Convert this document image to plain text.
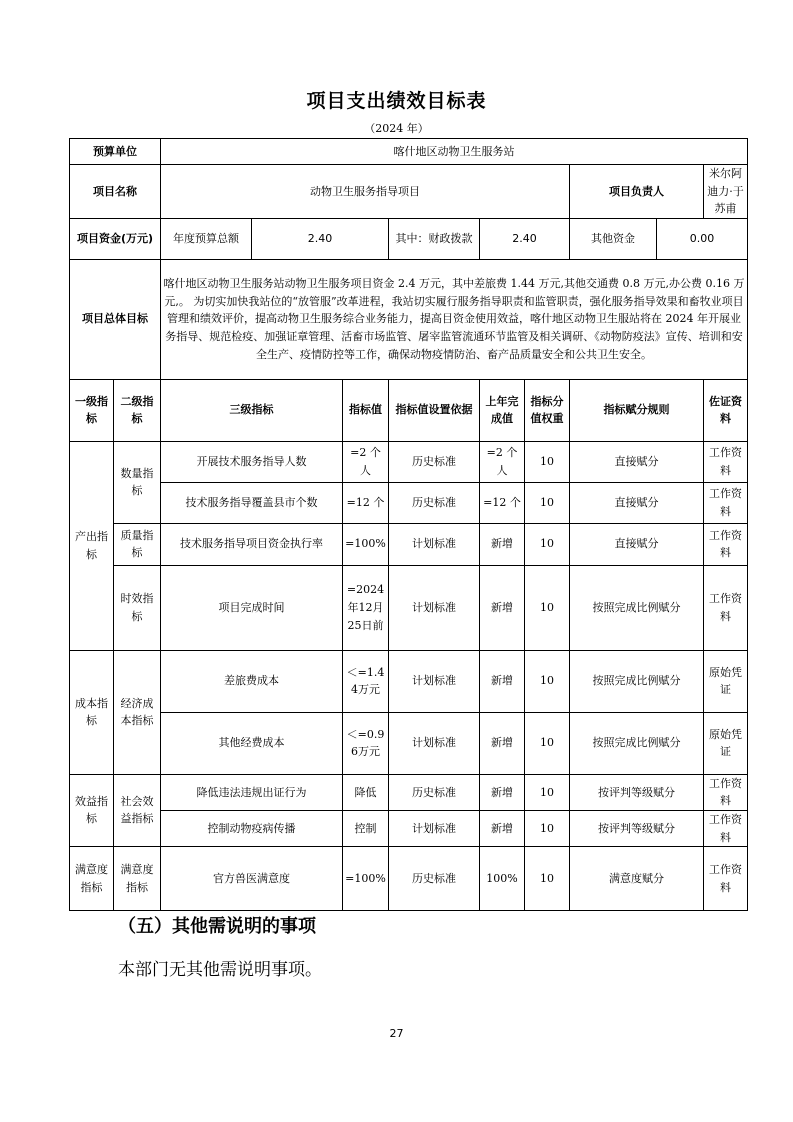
项目支出绩效目标表
（2024 年）
预算单位		喀什地区动物卫生服务站								
项目名称		动物卫生服务指导项目						项目负责人		米尔阿迪力·于苏甫
项目资金(万元)		年度预算总额	2.40		其中：财政拨款	2.40		其他资金	0.00	
项目总体目标		喀什地区动物卫生服务站动物卫生服务项目资金 2.4 万元，其中差旅费 1.44 万元,其他交通费 0.8 万元,办公费 0.16 万元,。 为切实加快我站位的“放管服”改革进程，我站切实履行服务指导职责和监管职责，强化服务指导效果和畜牧业项目管理和绩效评价，提高动物卫生服务综合业务能力，提高目资金使用效益，喀什地区动物卫生服站将在 2024 年开展业务指导、规范检疫、加强证章管理、活畜市场监管、屠宰监管流通环节监管及相关调研、《动物防疫法》宣传、培训和安全生产、疫情防控等工作，确保动物疫情防治、畜产品质量安全和公共卫生安全。								
一级指标	二级指标	三级指标		指标值	指标值设置依据	上年完成值	指标分值权重	指标赋分规则		佐证资料
产出指标	数量指标	开展技术服务指导人数		=2 个人	历史标准	=2 个人	10	直接赋分		工作资料
		技术服务指导覆盖县市个数		=12 个	历史标准	=12 个	10	直接赋分		工作资料
	质量指标	技术服务指导项目资金执行率		=100%	计划标准	新增	10	直接赋分		工作资料
	时效指标	项目完成时间		=2024年12月25日前	计划标准	新增	10	按照完成比例赋分		工作资料
成本指标	经济成本指标	差旅费成本		＜=1.44万元	计划标准	新增	10	按照完成比例赋分		原始凭证
		其他经费成本		＜=0.96万元	计划标准	新增	10	按照完成比例赋分		原始凭证
效益指标	社会效益指标	降低违法违规出证行为		降低	历史标准	新增	10	按评判等级赋分		工作资料
		控制动物疫病传播		控制	计划标准	新增	10	按评判等级赋分		工作资料
满意度指标	满意度指标	官方兽医满意度		=100%	历史标准	100%	10	满意度赋分		工作资料
（五）其他需说明的事项
本部门无其他需说明事项。
27
